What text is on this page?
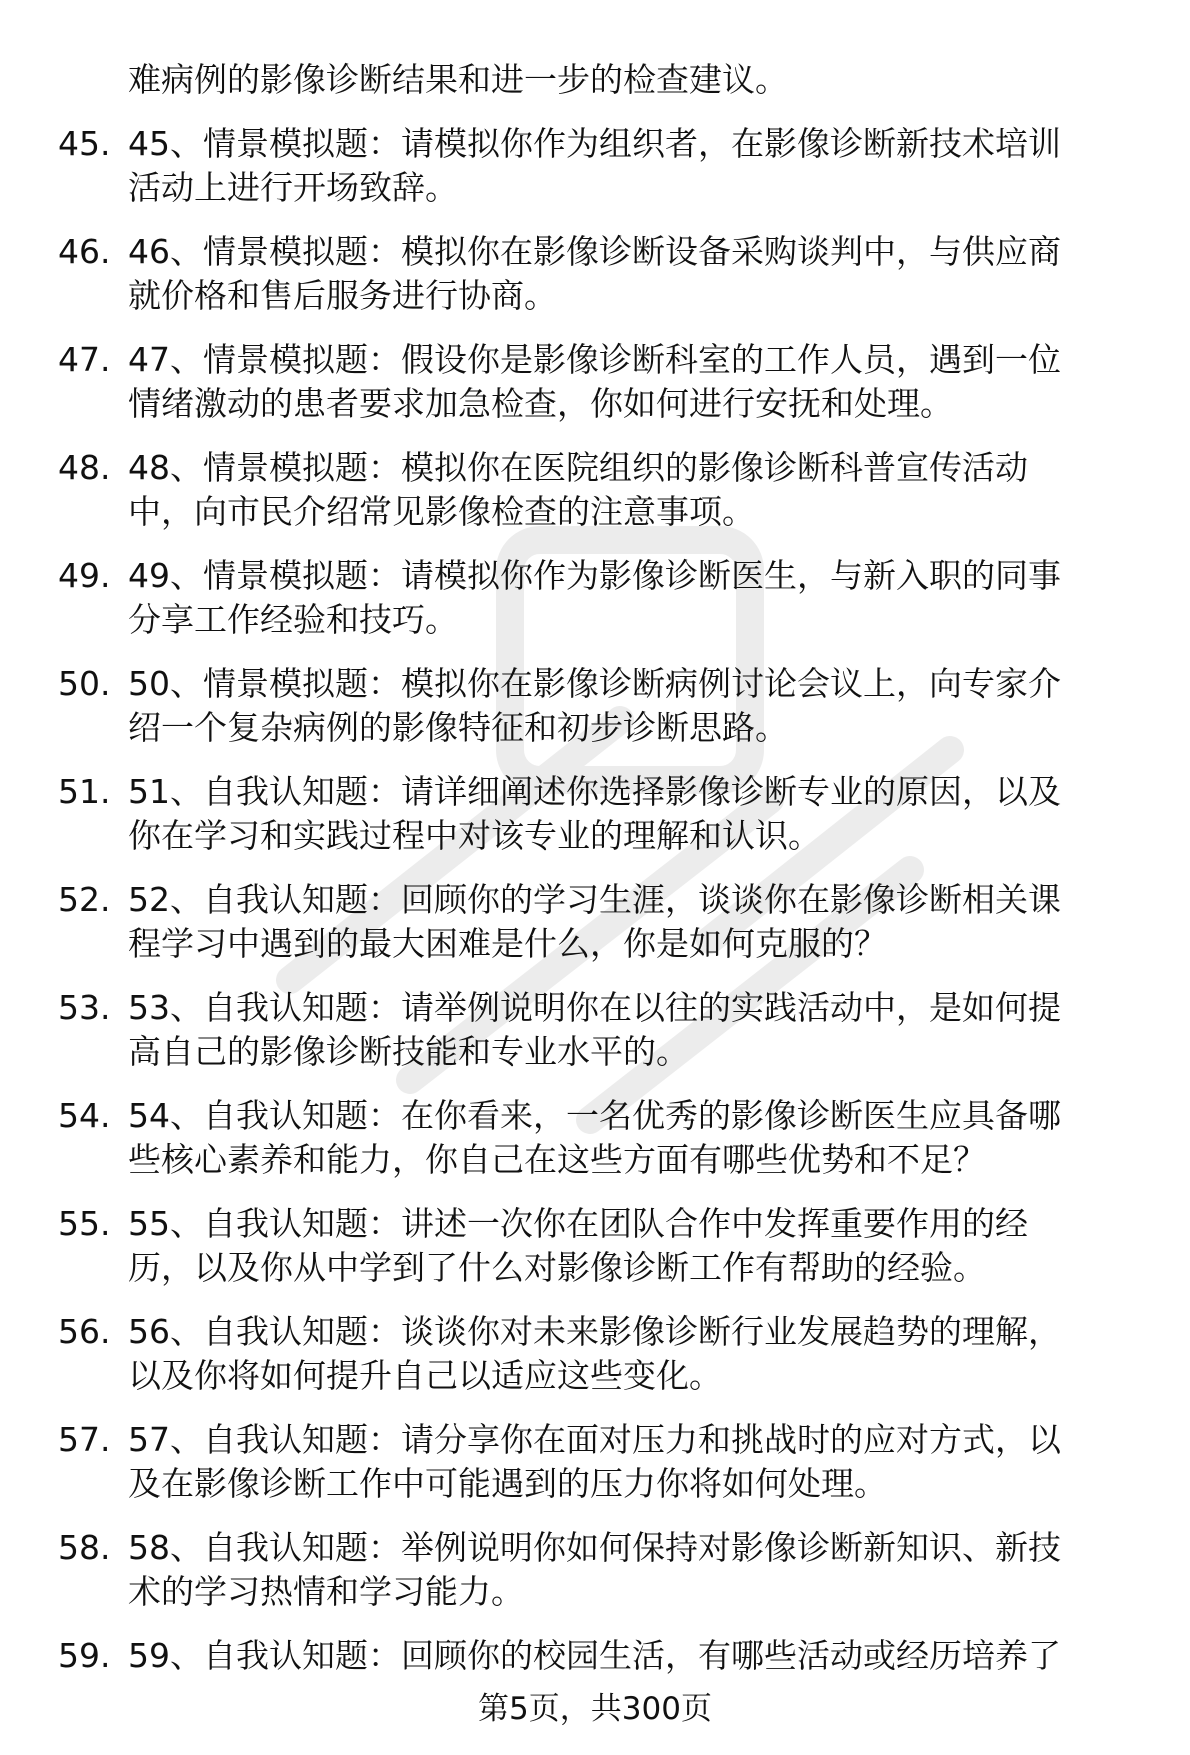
难病例的影像诊断结果和进一步的检查建议。
45. 45、情景模拟题：请模拟你作为组织者，在影像诊断新技术培训
活动上进行开场致辞。
46. 46、情景模拟题：模拟你在影像诊断设备采购谈判中，与供应商
就价格和售后服务进行协商。
47. 47、情景模拟题：假设你是影像诊断科室的工作人员，遇到一位
情绪激动的患者要求加急检查，你如何进行安抚和处理。
48. 48、情景模拟题：模拟你在医院组织的影像诊断科普宣传活动
中，向市民介绍常见影像检查的注意事项。
49. 49、情景模拟题：请模拟你作为影像诊断医生，与新入职的同事
分享工作经验和技巧。
50. 50、情景模拟题：模拟你在影像诊断病例讨论会议上，向专家介
绍一个复杂病例的影像特征和初步诊断思路。
51. 51、自我认知题：请详细阐述你选择影像诊断专业的原因，以及
你在学习和实践过程中对该专业的理解和认识。
52. 52、自我认知题：回顾你的学习生涯，谈谈你在影像诊断相关课
程学习中遇到的最大困难是什么，你是如何克服的？
53. 53、自我认知题：请举例说明你在以往的实践活动中，是如何提
高自己的影像诊断技能和专业水平的。
54. 54、自我认知题：在你看来，一名优秀的影像诊断医生应具备哪
些核心素养和能力，你自己在这些方面有哪些优势和不足？
55. 55、自我认知题：讲述一次你在团队合作中发挥重要作用的经
历，以及你从中学到了什么对影像诊断工作有帮助的经验。
56. 56、自我认知题：谈谈你对未来影像诊断行业发展趋势的理解，
以及你将如何提升自己以适应这些变化。
57. 57、自我认知题：请分享你在面对压力和挑战时的应对方式，以
及在影像诊断工作中可能遇到的压力你将如何处理。
58. 58、自我认知题：举例说明你如何保持对影像诊断新知识、新技
术的学习热情和学习能力。
59. 59、自我认知题：回顾你的校园生活，有哪些活动或经历培养了
第5页，共300页
